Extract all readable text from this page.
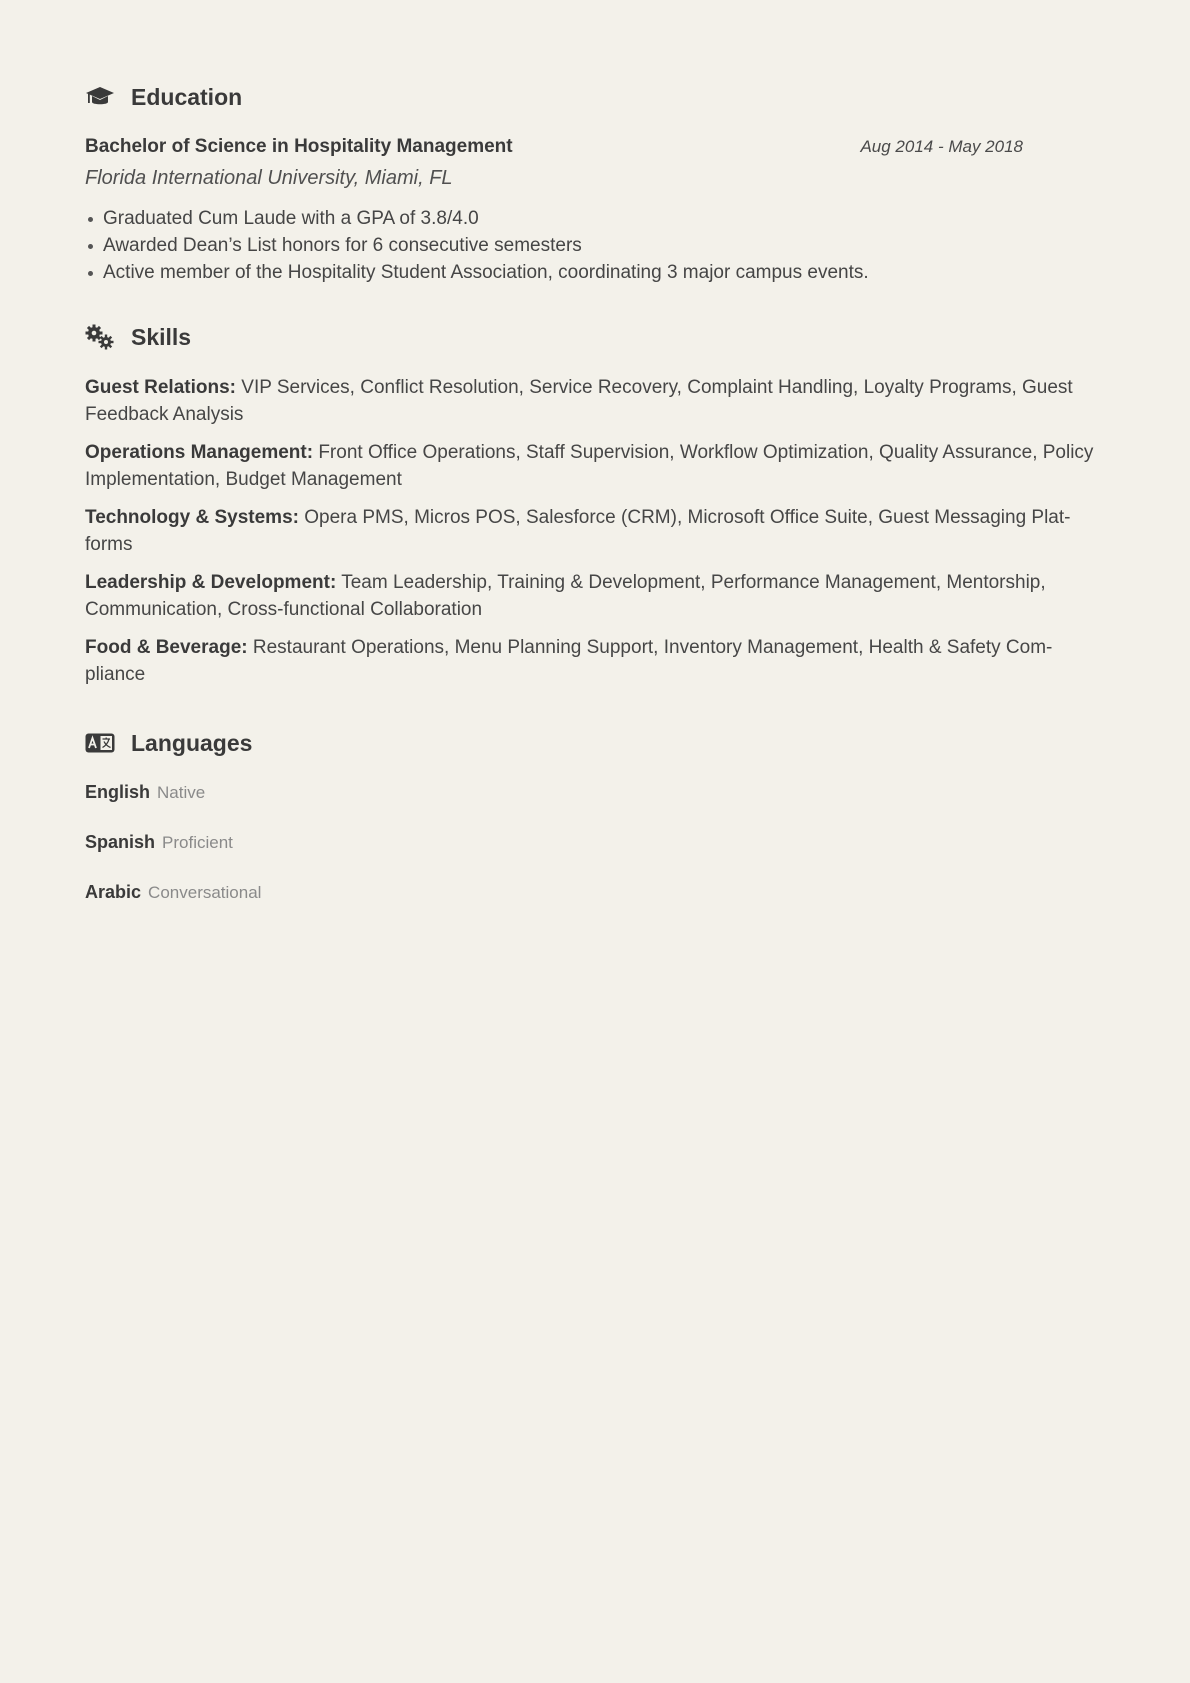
Education
Bachelor of Science in Hospitality Management	Aug 2014 - May 2018
Florida International University, Miami, FL
Graduated Cum Laude with a GPA of 3.8/4.0
Awarded Dean’s List honors for 6 consecutive semesters
Active member of the Hospitality Student Association, coordinating 3 major campus events.
Skills
Guest Relations: VIP Services, Conflict Resolution, Service Recovery, Complaint Handling, Loyalty Programs, Guest Feedback Analysis
Operations Management: Front Office Operations, Staff Supervision, Workflow Optimization, Quality Assurance, Policy Implementation, Budget Management
Technology & Systems: Opera PMS, Micros POS, Salesforce (CRM), Microsoft Office Suite, Guest Messaging Plat-forms
Leadership & Development: Team Leadership, Training & Development, Performance Management, Mentorship, Communication, Cross-functional Collaboration
Food & Beverage: Restaurant Operations, Menu Planning Support, Inventory Management, Health & Safety Com-pliance
Languages
English Native
Spanish Proficient
Arabic Conversational
